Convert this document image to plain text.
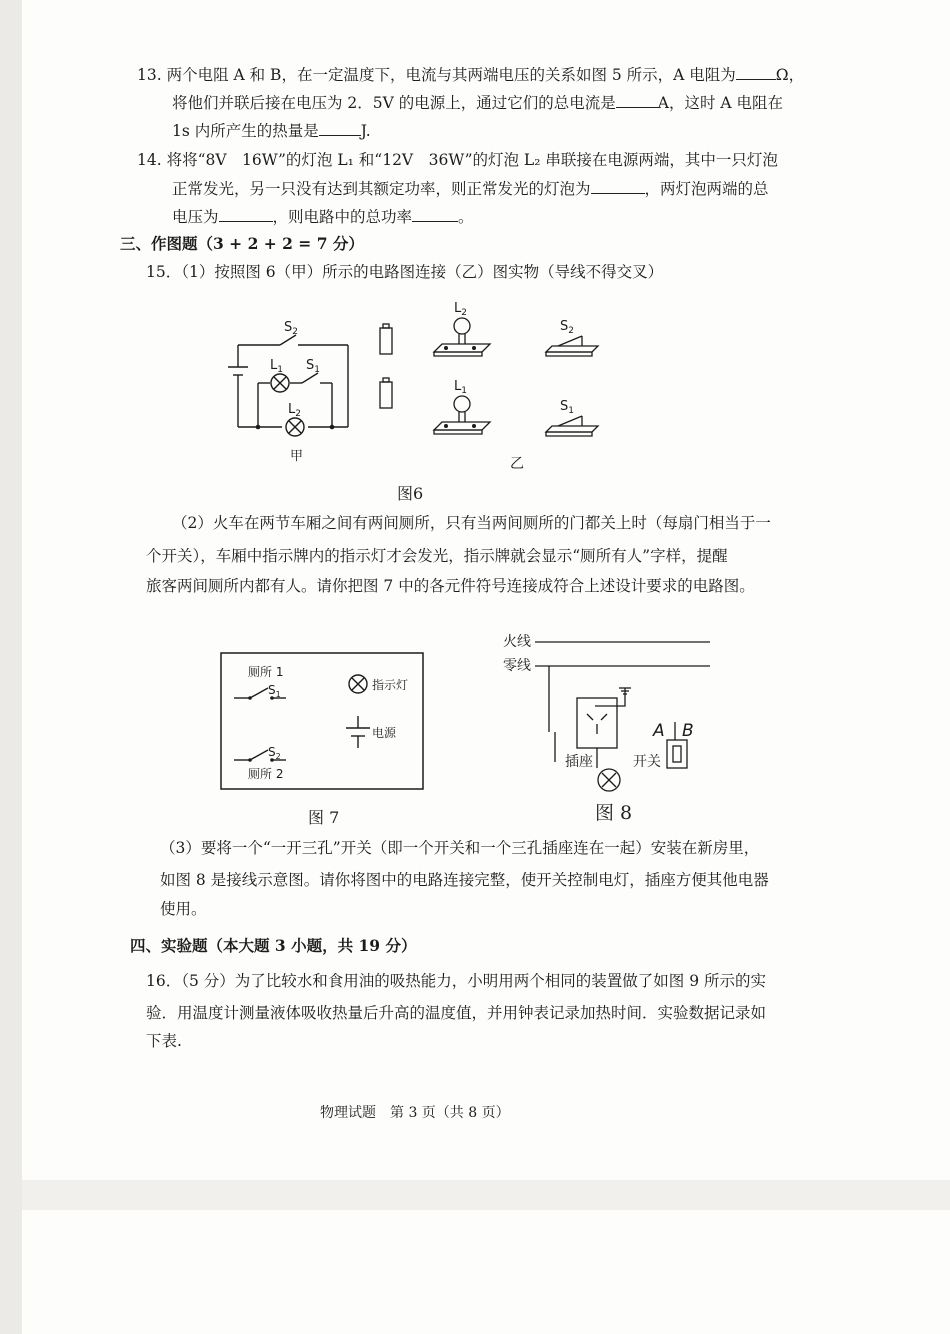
13. 两个电阻 A 和 B，在一定温度下，电流与其两端电压的关系如图 5 所示，A 电阻为	Ω，
将他们并联后接在电压为 2．5V 的电源上，通过它们的总电流是	A，这时 A 电阻在
1s 内所产生的热量是	J.
14. 将将“8V　16W”的灯泡 L₁ 和“12V　36W”的灯泡 L₂ 串联接在电源两端，其中一只灯泡
正常发光，另一只没有达到其额定功率，则正常发光的灯泡为	，两灯泡两端的总
电压为	，则电路中的总功率	。
三、作图题（3 + 2 + 2 = 7 分）
15．（1）按照图 6（甲）所示的电路图连接（乙）图实物（导线不得交叉）
$S_2$
$L_1$ $S_1$
$L_2$
甲
$L_2$
$L_1$
$S_2$
$S_1$
乙
图6
（2）火车在两节车厢之间有两间厕所，只有当两间厕所的门都关上时（每扇门相当于一
个开关），车厢中指示牌内的指示灯才会发光，指示牌就会显示“厕所有人”字样，提醒
旅客两间厕所内都有人。请你把图 7 中的各元件符号连接成符合上述设计要求的电路图。
厕所 1
$S_1$
指示灯
电源
$S_2$
厕所 2
图 7
火线
零线
插座	开关
A B
图 8
（3）要将一个“一开三孔”开关（即一个开关和一个三孔插座连在一起）安装在新房里，
如图 8 是接线示意图。请你将图中的电路连接完整，使开关控制电灯，插座方便其他电器
使用。
四、实验题（本大题 3 小题，共 19 分）
16．（5 分）为了比较水和食用油的吸热能力，小明用两个相同的装置做了如图 9 所示的实
验．用温度计测量液体吸收热量后升高的温度值，并用钟表记录加热时间．实验数据记录如
下表.
物理试题　第 3 页（共 8 页）
